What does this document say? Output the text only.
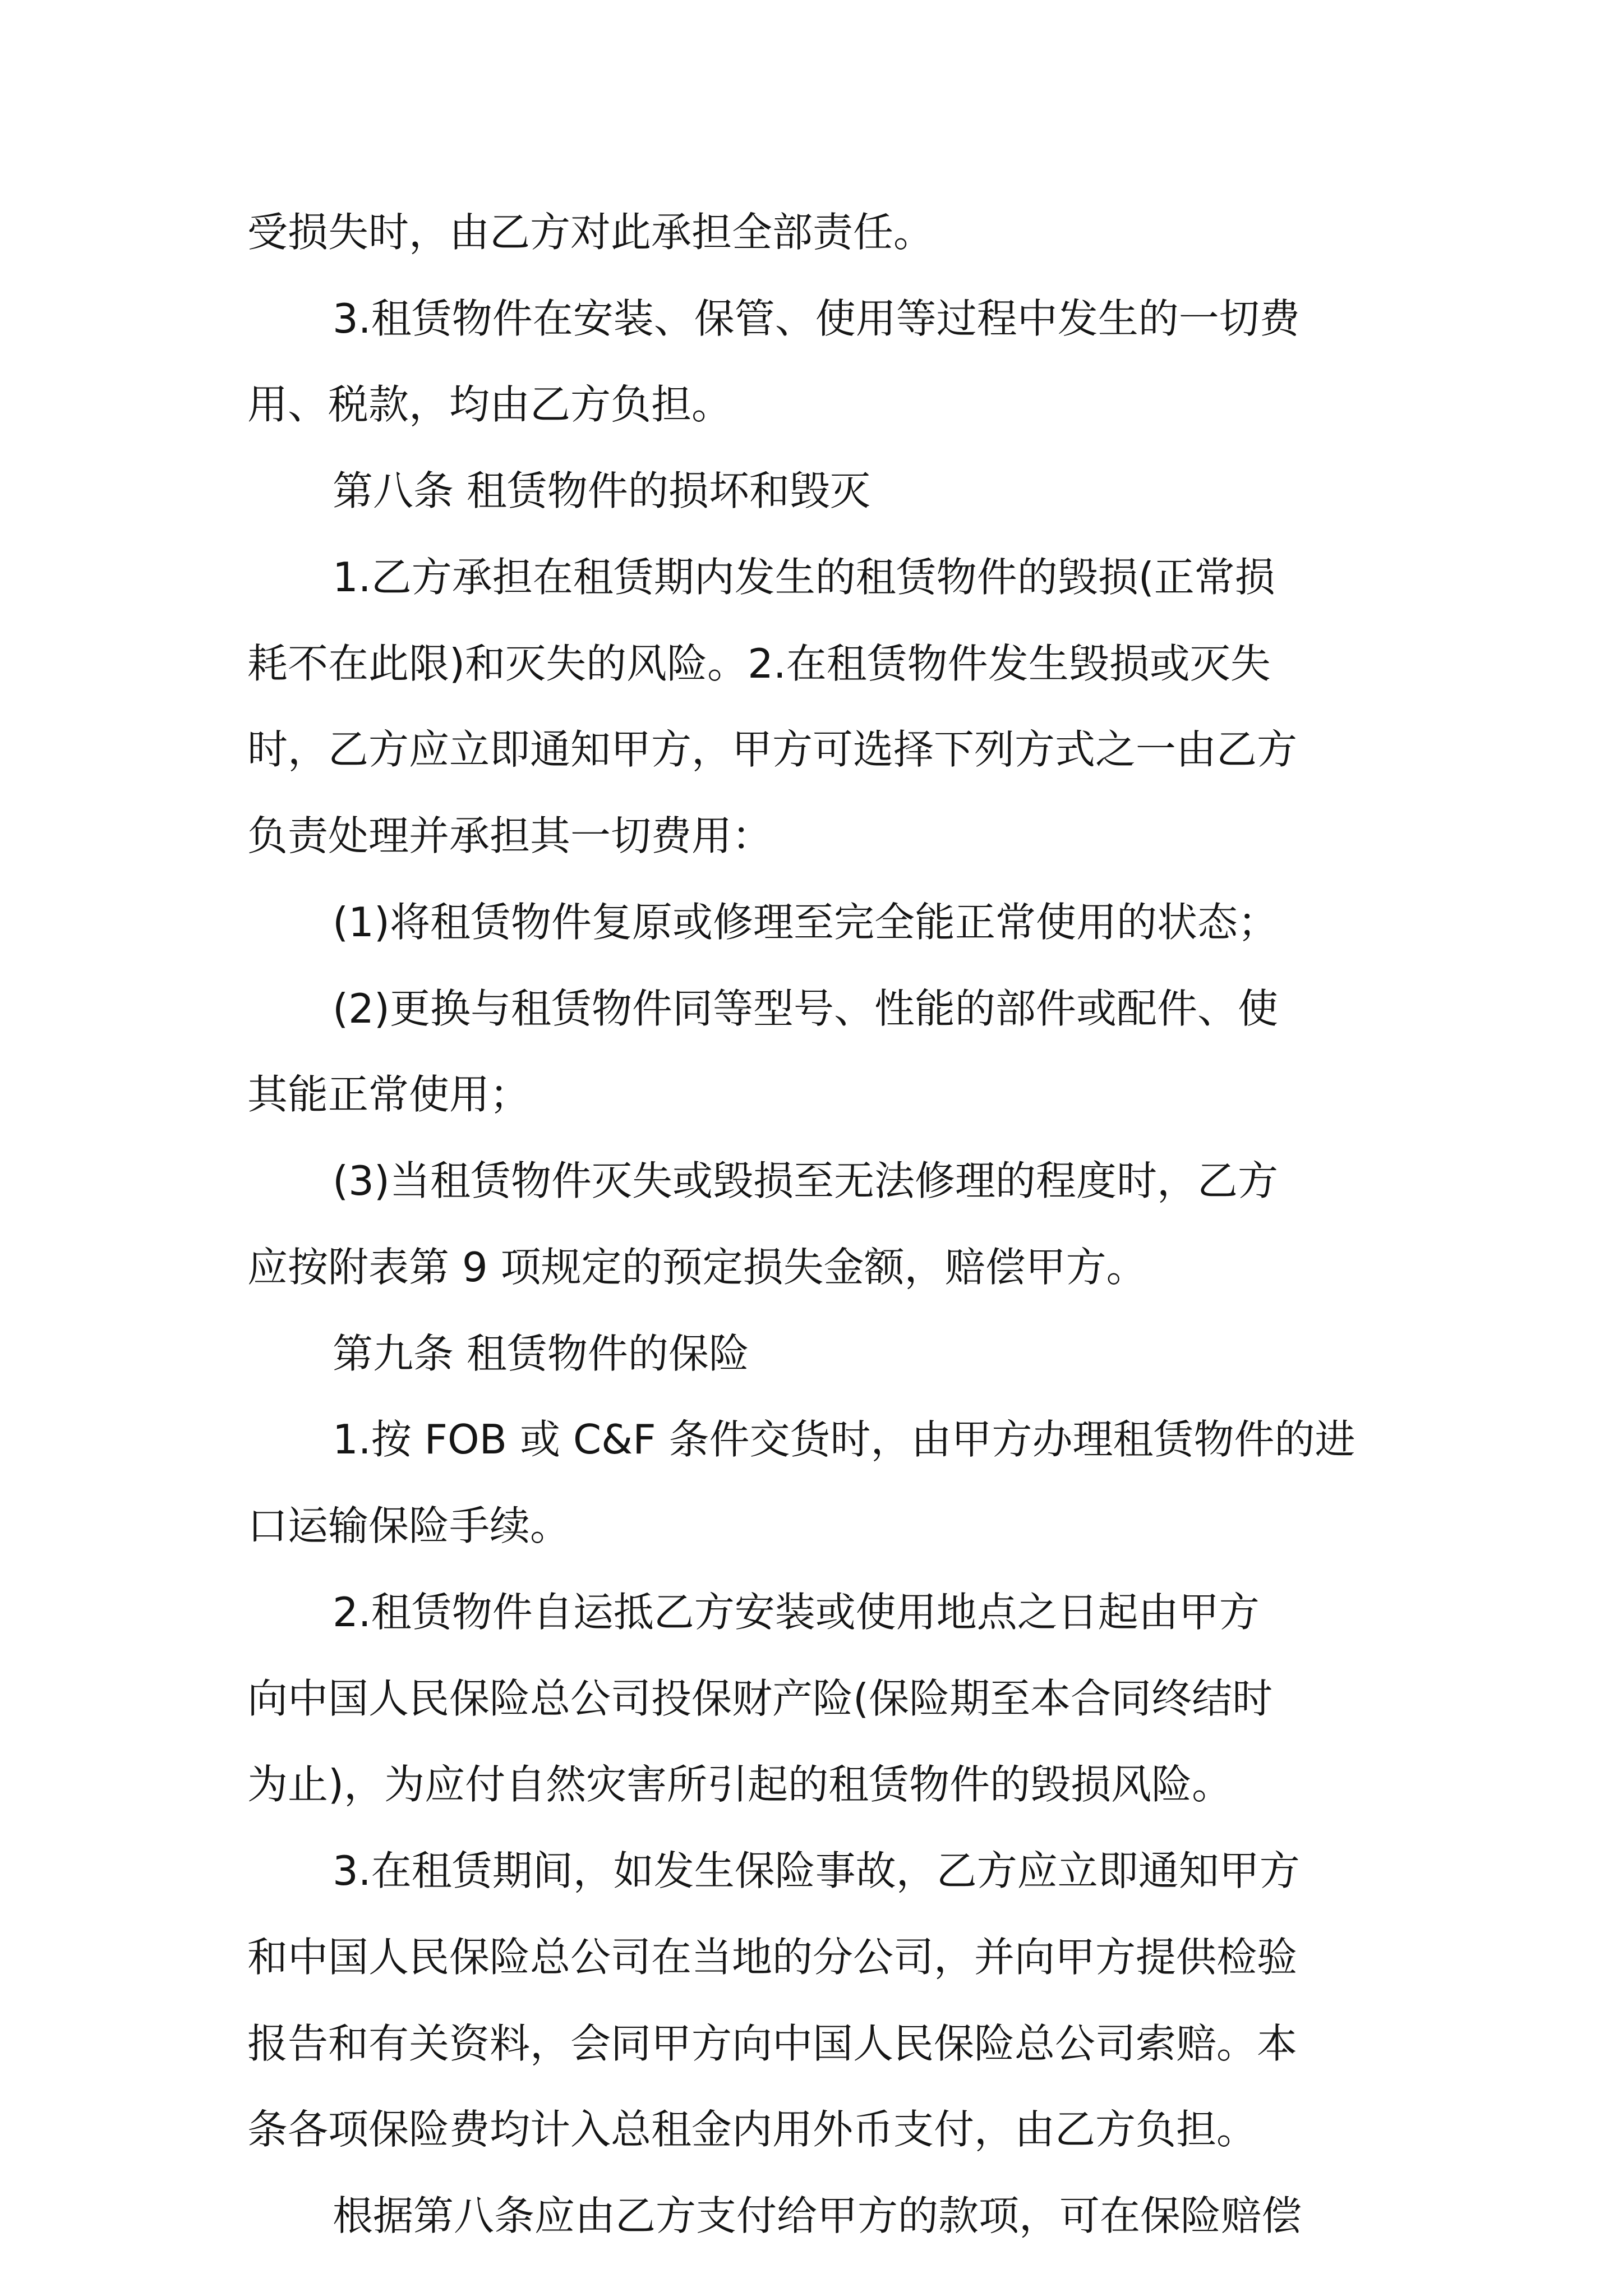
受损失时，由乙方对此承担全部责任。
3.租赁物件在安装、保管、使用等过程中发生的一切费
用、税款，均由乙方负担。
第八条 租赁物件的损坏和毁灭
1.乙方承担在租赁期内发生的租赁物件的毁损(正常损
耗不在此限)和灭失的风险。2.在租赁物件发生毁损或灭失
时，乙方应立即通知甲方，甲方可选择下列方式之一由乙方
负责处理并承担其一切费用：
(1)将租赁物件复原或修理至完全能正常使用的状态；
(2)更换与租赁物件同等型号、性能的部件或配件、使
其能正常使用；
(3)当租赁物件灭失或毁损至无法修理的程度时，乙方
应按附表第 9 项规定的预定损失金额，赔偿甲方。
第九条 租赁物件的保险
1.按 FOB 或 C&F 条件交货时，由甲方办理租赁物件的进
口运输保险手续。
2.租赁物件自运抵乙方安装或使用地点之日起由甲方
向中国人民保险总公司投保财产险(保险期至本合同终结时
为止)，为应付自然灾害所引起的租赁物件的毁损风险。
3.在租赁期间，如发生保险事故，乙方应立即通知甲方
和中国人民保险总公司在当地的分公司，并向甲方提供检验
报告和有关资料，会同甲方向中国人民保险总公司索赔。本
条各项保险费均计入总租金内用外币支付，由乙方负担。
根据第八条应由乙方支付给甲方的款项，可在保险赔偿
